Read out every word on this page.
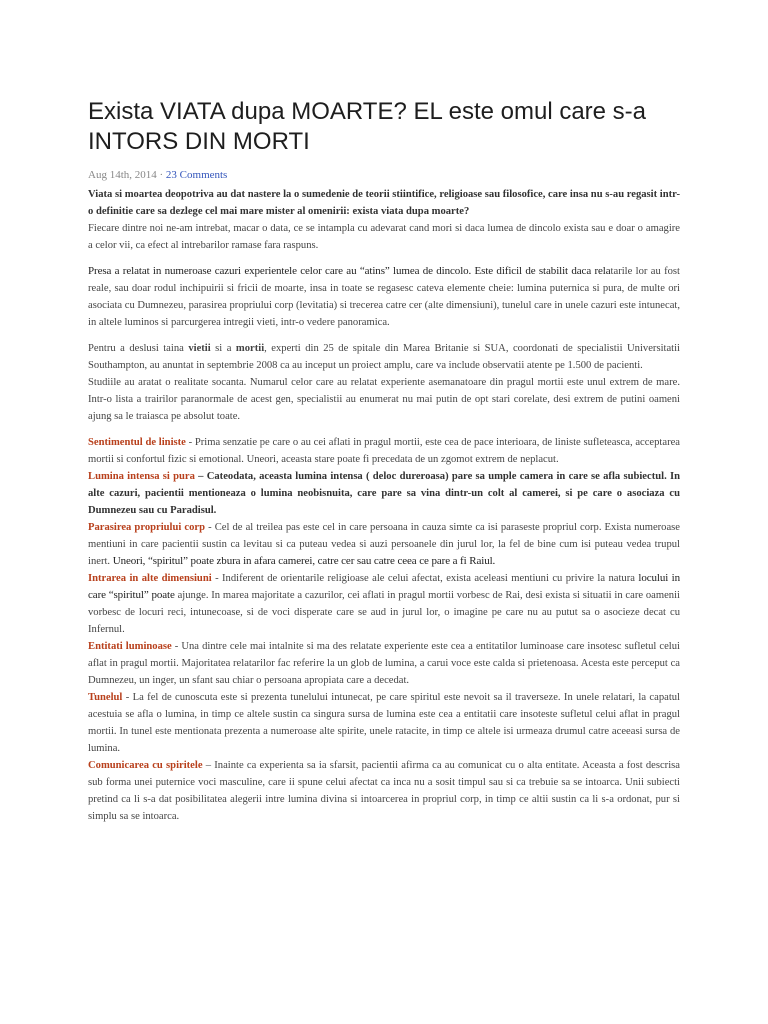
Exista VIATA dupa MOARTE? EL este omul care s-a INTORS DIN MORTI
Aug 14th, 2014 · 23 Comments

Viata si moartea deopotriva au dat nastere la o sumedenie de teorii stiintifice, religioase sau filosofice, care insa nu s-au regasit intr-o definitie care sa dezlege cel mai mare mister al omenirii: exista viata dupa moarte?

Fiecare dintre noi ne-am intrebat, macar o data, ce se intampla cu adevarat cand mori si daca lumea de dincolo exista sau e doar o amagire a celor vii, ca efect al intrebarilor ramase fara raspuns.

Presa a relatat in numeroase cazuri experientele celor care au “atins” lumea de dincolo. Este dificil de stabilit daca relatarile lor au fost reale, sau doar rodul inchipuirii si fricii de moarte, insa in toate se regasesc cateva elemente cheie: lumina puternica si pura, de multe ori asociata cu Dumnezeu, parasirea propriului corp (levitatia) si trecerea catre cer (alte dimensiuni), tunelul care in unele cazuri este intunecat, in altele luminos si parcurgerea intregii vieti, intr-o vedere panoramica.

Pentru a deslusi taina vietii si a mortii, experti din 25 de spitale din Marea Britanie si SUA, coordonati de specialistii Universitatii Southampton, au anuntat in septembrie 2008 ca au inceput un proiect amplu, care va include observatii atente pe 1.500 de pacienti.

Studiile au aratat o realitate socanta. Numarul celor care au relatat experiente asemanatoare din pragul mortii este unul extrem de mare. Intr-o lista a trairilor paranormale de acest gen, specialistii au enumerat nu mai putin de opt stari corelate, desi extrem de putini oameni ajung sa le traiasca pe absolut toate.

Sentimentul de liniste - Prima senzatie pe care o au cei aflati in pragul mortii, este cea de pace interioara, de liniste sufleteasca, acceptarea mortii si confortul fizic si emotional. Uneori, aceasta stare poate fi precedata de un zgomot extrem de neplacut.

Lumina intensa si pura – Cateodata, aceasta lumina intensa ( deloc dureroasa) pare sa umple camera in care se afla subiectul. In alte cazuri, pacientii mentioneaza o lumina neobisnuita, care pare sa vina dintr-un colt al camerei, si pe care o asociaza cu Dumnezeu sau cu Paradisul.

Parasirea propriului corp - Cel de al treilea pas este cel in care persoana in cauza simte ca isi paraseste propriul corp. Exista numeroase mentiuni in care pacientii sustin ca levitau si ca puteau vedea si auzi persoanele din jurul lor, la fel de bine cum isi puteau vedea trupul inert. Uneori, “spiritul” poate zbura in afara camerei, catre cer sau catre ceea ce pare a fi Raiul.

Intrarea in alte dimensiuni - Indiferent de orientarile religioase ale celui afectat, exista aceleasi mentiuni cu privire la natura locului in care “spiritul” poate ajunge. In marea majoritate a cazurilor, cei aflati in pragul mortii vorbesc de Rai, desi exista si situatii in care oamenii vorbesc de locuri reci, intunecoase, si de voci disperate care se aud in jurul lor, o imagine pe care nu au putut sa o asocieze decat cu Infernul.

Entitati luminoase - Una dintre cele mai intalnite si ma des relatate experiente este cea a entitatilor luminoase care insotesc sufletul celui aflat in pragul mortii. Majoritatea relatarilor fac referire la un glob de lumina, a carui voce este calda si prietenoasa. Acesta este perceput ca Dumnezeu, un inger, un sfant sau chiar o persoana apropiata care a decedat.

Tunelul - La fel de cunoscuta este si prezenta tunelului intunecat, pe care spiritul este nevoit sa il traverseze. In unele relatari, la capatul acestuia se afla o lumina, in timp ce altele sustin ca singura sursa de lumina este cea a entitatii care insoteste sufletul celui aflat in pragul mortii. In tunel este mentionata prezenta a numeroase alte spirite, unele ratacite, in timp ce altele isi urmeaza drumul catre aceeasi sursa de lumina.

Comunicarea cu spiritele – Inainte ca experienta sa ia sfarsit, pacientii afirma ca au comunicat cu o alta entitate. Aceasta a fost descrisa sub forma unei puternice voci masculine, care ii spune celui afectat ca inca nu a sosit timpul sau si ca trebuie sa se intoarca. Unii subiecti pretind ca li s-a dat posibilitatea alegerii intre lumina divina si intoarcerea in propriul corp, in timp ce altii sustin ca li s-a ordonat, pur si simplu sa se intoarca.
